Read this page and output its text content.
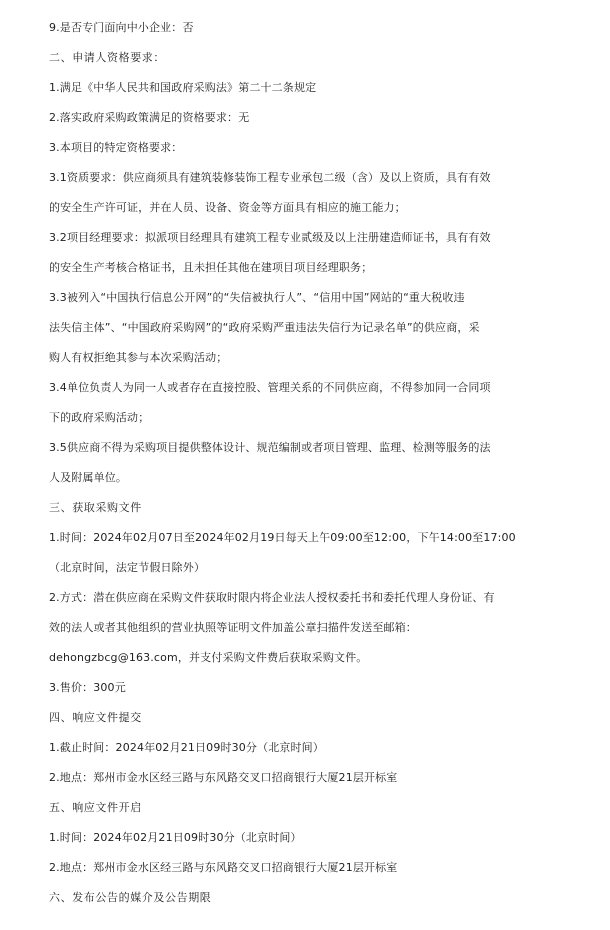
9.是否专门面向中小企业：否
二、申请人资格要求：
1.满足《中华人民共和国政府采购法》第二十二条规定
2.落实政府采购政策满足的资格要求：无
3.本项目的特定资格要求：
3.1资质要求：供应商须具有建筑装修装饰工程专业承包二级（含）及以上资质，具有有效
的安全生产许可证，并在人员、设备、资金等方面具有相应的施工能力；
3.2项目经理要求：拟派项目经理具有建筑工程专业贰级及以上注册建造师证书，具有有效
的安全生产考核合格证书，且未担任其他在建项目项目经理职务；
3.3被列入“中国执行信息公开网”的“失信被执行人”、“信用中国”网站的“重大税收违
法失信主体”、“中国政府采购网”的“政府采购严重违法失信行为记录名单”的供应商，采
购人有权拒绝其参与本次采购活动；
3.4单位负责人为同一人或者存在直接控股、管理关系的不同供应商，不得参加同一合同项
下的政府采购活动；
3.5供应商不得为采购项目提供整体设计、规范编制或者项目管理、监理、检测等服务的法
人及附属单位。
三、获取采购文件
1.时间：2024年02月07日至2024年02月19日每天上午09:00至12:00，下午14:00至17:00
（北京时间，法定节假日除外）
2.方式：潜在供应商在采购文件获取时限内将企业法人授权委托书和委托代理人身份证、有
效的法人或者其他组织的营业执照等证明文件加盖公章扫描件发送至邮箱：
dehongzbcg@163.com，并支付采购文件费后获取采购文件。
3.售价：300元
四、响应文件提交
1.截止时间：2024年02月21日09时30分（北京时间）
2.地点：郑州市金水区经三路与东风路交叉口招商银行大厦21层开标室
五、响应文件开启
1.时间：2024年02月21日09时30分（北京时间）
2.地点：郑州市金水区经三路与东风路交叉口招商银行大厦21层开标室
六、发布公告的媒介及公告期限
